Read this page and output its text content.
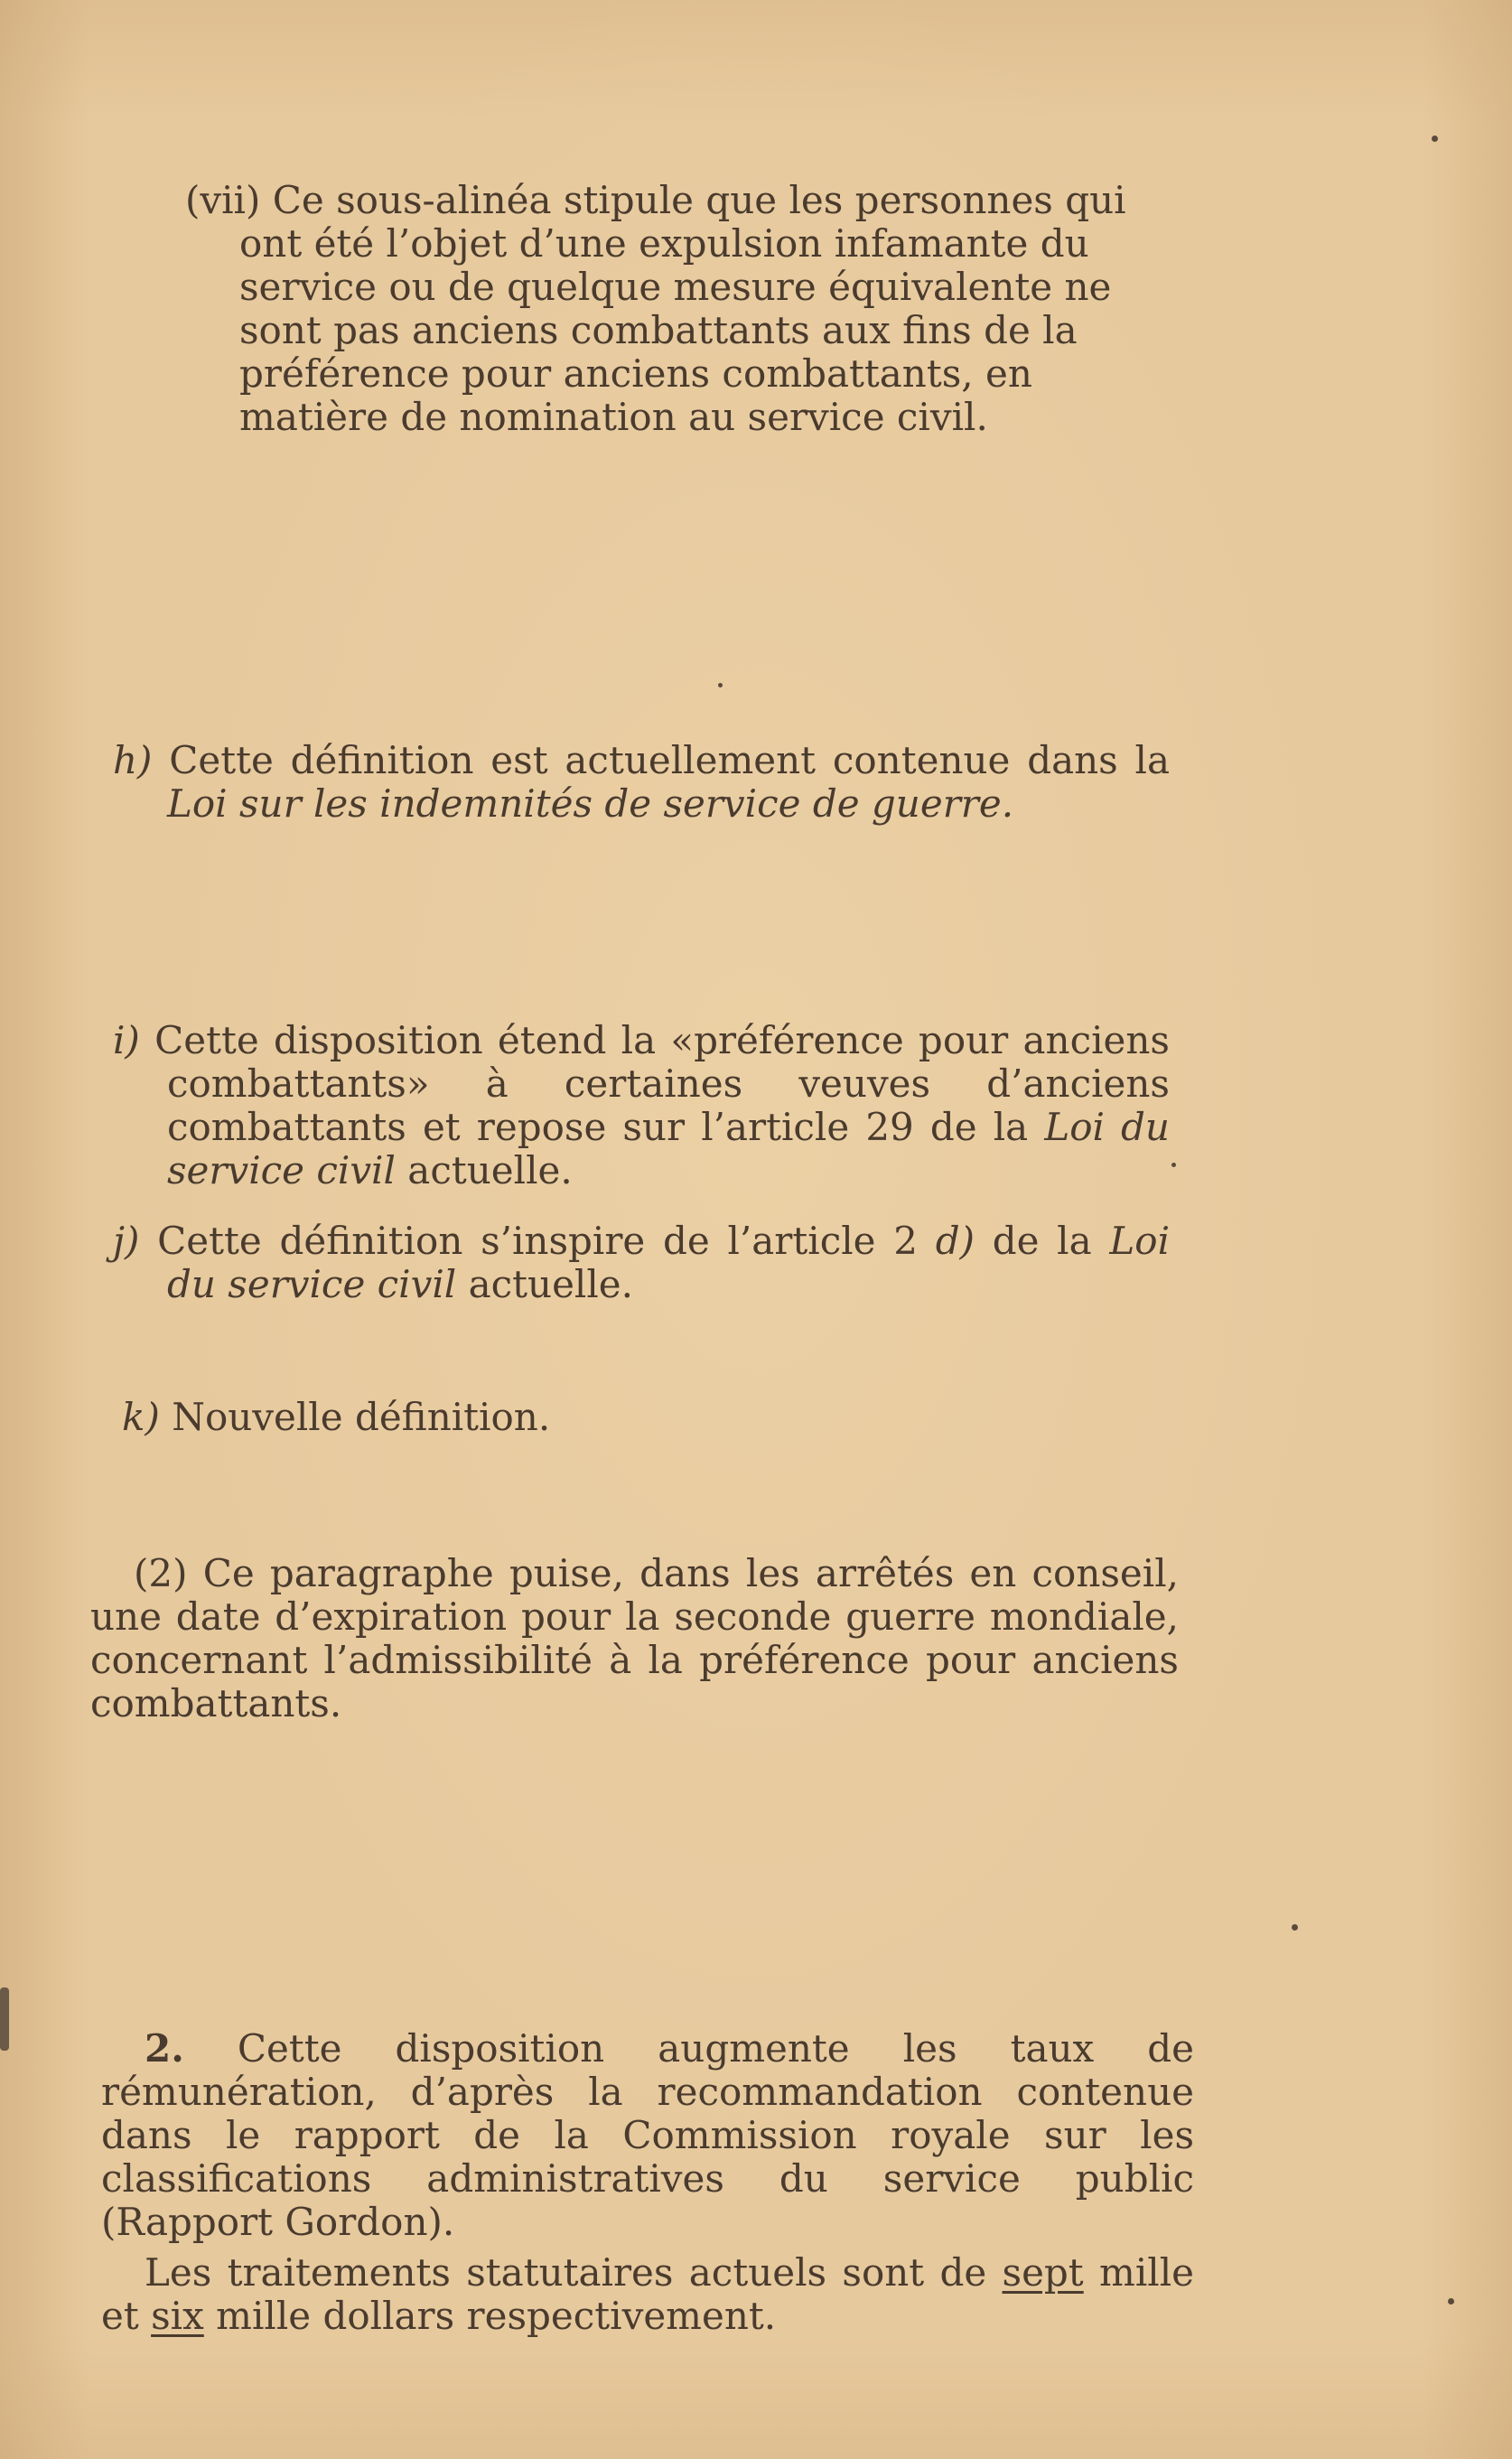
(vii) Ce sous-alinéa stipule que les personnes qui ont été l’objet d’une expulsion infamante du service ou de quelque mesure équivalente ne sont pas anciens combattants aux fins de la préférence pour anciens combattants, en matière de nomination au service civil.

h) Cette définition est actuellement contenue dans la Loi sur les indemnités de service de guerre.

i) Cette disposition étend la «préférence pour anciens combattants» à certaines veuves d’anciens combattants et repose sur l’article 29 de la Loi du service civil actuelle.

j) Cette définition s’inspire de l’article 2 d) de la Loi du service civil actuelle.

k) Nouvelle définition.

(2) Ce paragraphe puise, dans les arrêtés en conseil, une date d’expiration pour la seconde guerre mondiale, concernant l’admissibilité à la préférence pour anciens combattants.

2. Cette disposition augmente les taux de rémunération, d’après la recommandation contenue dans le rapport de la Commission royale sur les classifications administratives du service public (Rapport Gordon).

Les traitements statutaires actuels sont de sept mille et six mille dollars respectivement.
